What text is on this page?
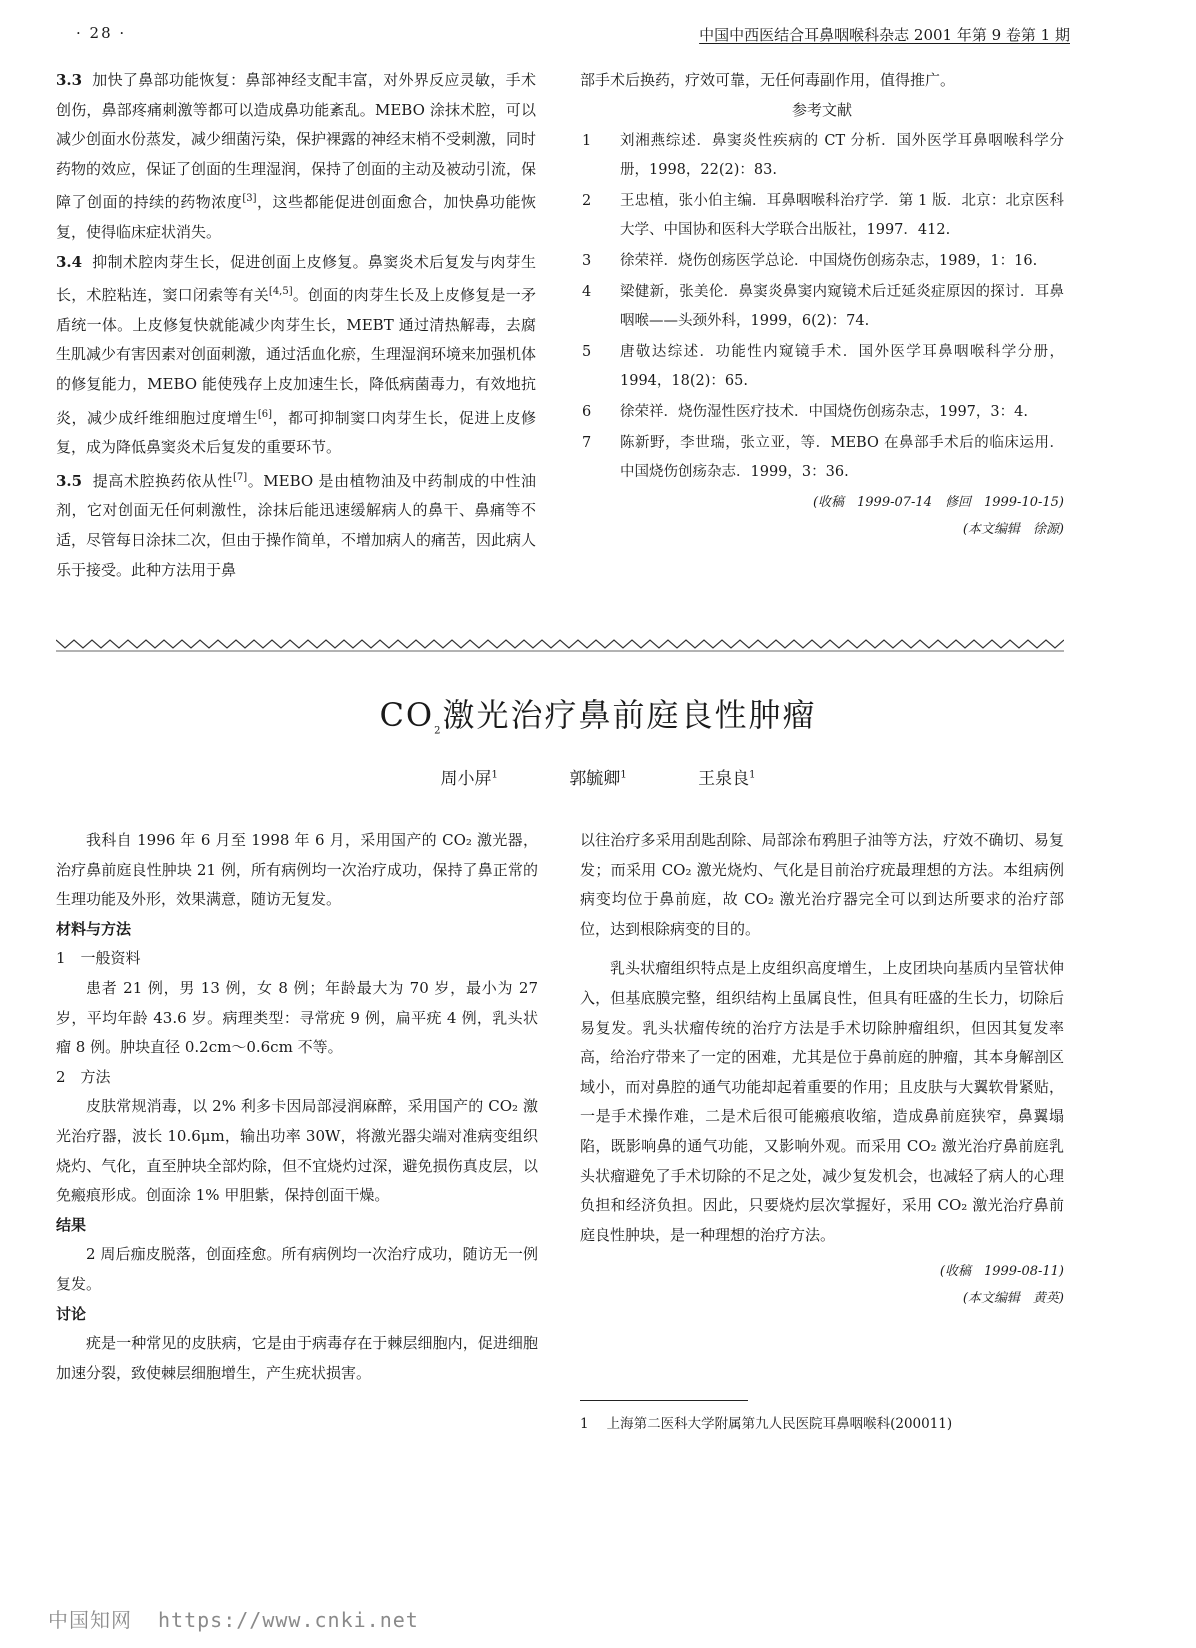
· 28 ·	中国中西医结合耳鼻咽喉科杂志 2001 年第 9 卷第 1 期

3.3 加快了鼻部功能恢复：鼻部神经支配丰富，对外界反应灵敏，手术创伤，鼻部疼痛刺激等都可以造成鼻功能紊乱。MEBO 涂抹术腔，可以减少创面水份蒸发，减少细菌污染，保护裸露的神经末梢不受刺激，同时药物的效应，保证了创面的生理湿润，保持了创面的主动及被动引流，保障了创面的持续的药物浓度[3]，这些都能促进创面愈合，加快鼻功能恢复，使得临床症状消失。

3.4 抑制术腔肉芽生长，促进创面上皮修复。鼻窦炎术后复发与肉芽生长，术腔粘连，窦口闭索等有关[4,5]。创面的肉芽生长及上皮修复是一矛盾统一体。上皮修复快就能减少肉芽生长，MEBT 通过清热解毒，去腐生肌减少有害因素对创面刺激，通过活血化瘀，生理湿润环境来加强机体的修复能力，MEBO 能使残存上皮加速生长，降低病菌毒力，有效地抗炎，减少成纤维细胞过度增生[6]，都可抑制窦口肉芽生长，促进上皮修复，成为降低鼻窦炎术后复发的重要环节。

3.5 提高术腔换药依从性[7]。MEBO 是由植物油及中药制成的中性油剂，它对创面无任何刺激性，涂抹后能迅速缓解病人的鼻干、鼻痛等不适，尽管每日涂抹二次，但由于操作简单，不增加病人的痛苦，因此病人乐于接受。此种方法用于鼻

部手术后换药，疗效可靠，无任何毒副作用，值得推广。

参考文献

1 刘湘燕综述．鼻窦炎性疾病的 CT 分析．国外医学耳鼻咽喉科学分册，1998，22(2)：83.
2 王忠植，张小伯主编．耳鼻咽喉科治疗学．第 1 版．北京：北京医科大学、中国协和医科大学联合出版社，1997．412.
3 徐荣祥．烧伤创疡医学总论．中国烧伤创疡杂志，1989，1：16.
4 梁健新，张美伦．鼻窦炎鼻窦内窥镜术后迁延炎症原因的探讨．耳鼻咽喉——头颈外科，1999，6(2)：74.
5 唐敬达综述．功能性内窥镜手术．国外医学耳鼻咽喉科学分册，1994，18(2)：65.
6 徐荣祥．烧伤湿性医疗技术．中国烧伤创疡杂志，1997，3：4.
7 陈新野，李世瑞，张立亚，等．MEBO 在鼻部手术后的临床运用．中国烧伤创疡杂志．1999，3：36.

(收稿　1999-07-14　修回　1999-10-15)

(本文编辑　徐源)

$CO_2$激光治疗鼻前庭良性肿瘤
周小屏$^1$	郭毓卿$^1$	王泉良$^1$

我科自 1996 年 6 月至 1998 年 6 月，采用国产的 CO₂ 激光器，治疗鼻前庭良性肿块 21 例，所有病例均一次治疗成功，保持了鼻正常的生理功能及外形，效果满意，随访无复发。

材料与方法

1　一般资料

患者 21 例，男 13 例，女 8 例；年龄最大为 70 岁，最小为 27 岁，平均年龄 43.6 岁。病理类型：寻常疣 9 例，扁平疣 4 例，乳头状瘤 8 例。肿块直径 0.2cm～0.6cm 不等。

2　方法

皮肤常规消毒，以 2% 利多卡因局部浸润麻醉，采用国产的 CO₂ 激光治疗器，波长 10.6μm，输出功率 30W，将激光器尖端对准病变组织烧灼、气化，直至肿块全部灼除，但不宜烧灼过深，避免损伤真皮层，以免瘢痕形成。创面涂 1% 甲胆紫，保持创面干燥。

结果

2 周后痂皮脱落，创面痊愈。所有病例均一次治疗成功，随访无一例复发。

讨论

疣是一种常见的皮肤病，它是由于病毒存在于棘层细胞内，促进细胞加速分裂，致使棘层细胞增生，产生疣状损害。

以往治疗多采用刮匙刮除、局部涂布鸦胆子油等方法，疗效不确切、易复发；而采用 CO₂ 激光烧灼、气化是目前治疗疣最理想的方法。本组病例病变均位于鼻前庭，故 CO₂ 激光治疗器完全可以到达所要求的治疗部位，达到根除病变的目的。

乳头状瘤组织特点是上皮组织高度增生，上皮团块向基质内呈管状伸入，但基底膜完整，组织结构上虽属良性，但具有旺盛的生长力，切除后易复发。乳头状瘤传统的治疗方法是手术切除肿瘤组织，但因其复发率高，给治疗带来了一定的困难，尤其是位于鼻前庭的肿瘤，其本身解剖区域小，而对鼻腔的通气功能却起着重要的作用；且皮肤与大翼软骨紧贴，一是手术操作难，二是术后很可能瘢痕收缩，造成鼻前庭狭窄，鼻翼塌陷，既影响鼻的通气功能，又影响外观。而采用 CO₂ 激光治疗鼻前庭乳头状瘤避免了手术切除的不足之处，减少复发机会，也减轻了病人的心理负担和经济负担。因此，只要烧灼层次掌握好，采用 CO₂ 激光治疗鼻前庭良性肿块，是一种理想的治疗方法。

(收稿　1999-08-11)

(本文编辑　黄英)

1 上海第二医科大学附属第九人民医院耳鼻咽喉科(200011)
中国知网 https://www.cnki.net
